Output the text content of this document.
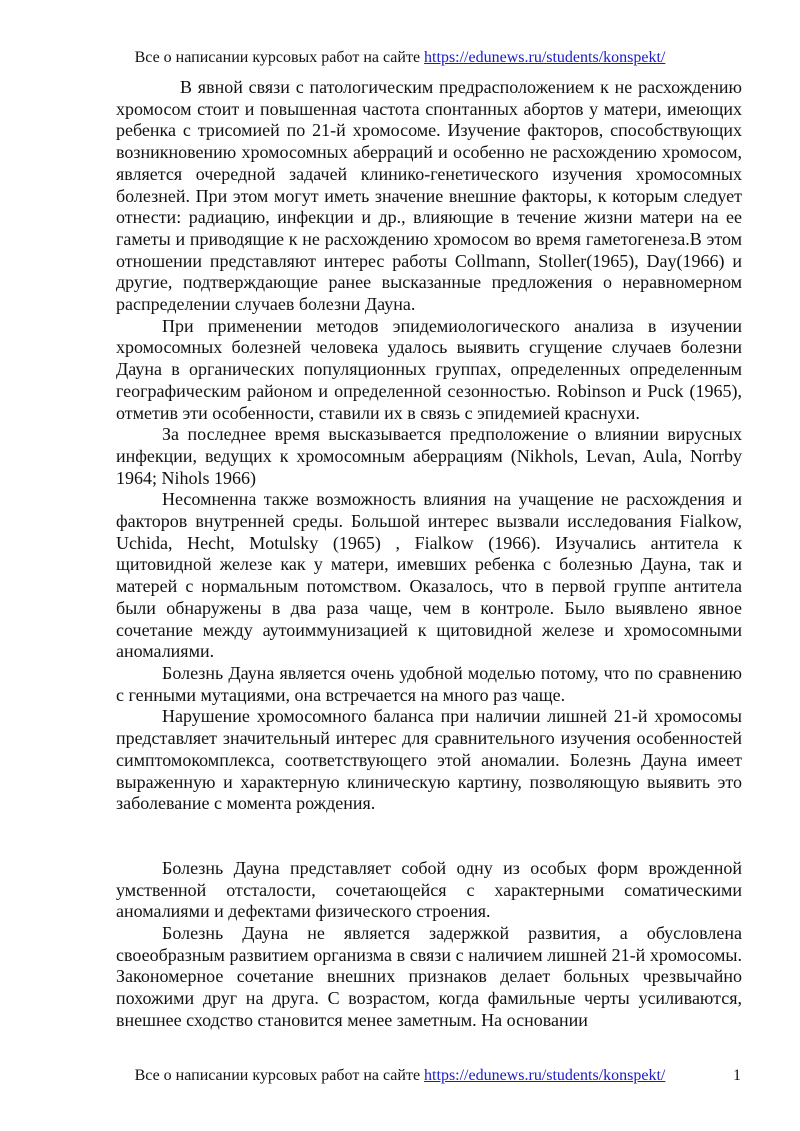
Все о написании курсовых работ на сайте https://edunews.ru/students/konspekt/

В явной связи с патологическим предрасположением к не расхождению хромосом стоит и повышенная частота спонтанных абортов у матери, имеющих ребенка с трисомией по 21-й хромосоме. Изучение факторов, способствующих возникновению хромосомных аберраций и особенно не расхождению хромосом, является очередной задачей клинико-генетического изучения хромосомных болезней. При этом могут иметь значение внешние факторы, к которым следует отнести: радиацию, инфекции и др., влияющие в течение жизни матери на ее гаметы и приводящие к не расхождению хромосом во время гаметогенеза.В этом отношении представляют интерес работы Collmann, Stoller(1965), Day(1966) и другие, подтверждающие ранее высказанные предложения о неравномерном распределении случаев болезни Дауна.

При применении методов эпидемиологического анализа в изучении хромосомных болезней человека удалось выявить сгущение случаев болезни Дауна в органических популяционных группах, определенных определенным географическим районом и определенной сезонностью. Robinson и Puck (1965), отметив эти особенности, ставили их в связь с эпидемией краснухи.

За последнее время высказывается предположение о влиянии вирусных инфекции, ведущих к хромосомным аберрациям (Nikhols, Levan, Aula, Norrby 1964; Nihols 1966)

Несомненна также возможность влияния на учащение не расхождения и факторов внутренней среды. Большой интерес вызвали исследования Fialkow, Uchida, Hecht, Motulsky (1965) , Fialkow (1966). Изучались антитела к щитовидной железе как у матери, имевших ребенка с болезнью Дауна, так и матерей с нормальным потомством. Оказалось, что в первой группе антитела были обнаружены в два раза чаще, чем в контроле. Было выявлено явное сочетание между аутоиммунизацией к щитовидной железе и хромосомными аномалиями.

Болезнь Дауна является очень удобной моделью потому, что по сравнению с генными мутациями, она встречается на много раз чаще.

Нарушение хромосомного баланса при наличии лишней 21-й хромосомы представляет значительный интерес для сравнительного изучения особенностей симптомокомплекса, соответствующего этой аномалии. Болезнь Дауна имеет выраженную и характерную клиническую картину, позволяющую выявить это заболевание с момента рождения.

Болезнь Дауна представляет собой одну из особых форм врожденной умственной отсталости, сочетающейся с характерными соматическими аномалиями и дефектами физического строения.

Болезнь Дауна не является задержкой развития, а обусловлена своеобразным развитием организма в связи с наличием лишней 21-й хромосомы. Закономерное сочетание внешних признаков делает больных чрезвычайно похожими друг на друга. С возрастом, когда фамильные черты усиливаются, внешнее сходство становится менее заметным. На основании

Все о написании курсовых работ на сайте https://edunews.ru/students/konspekt/	1
